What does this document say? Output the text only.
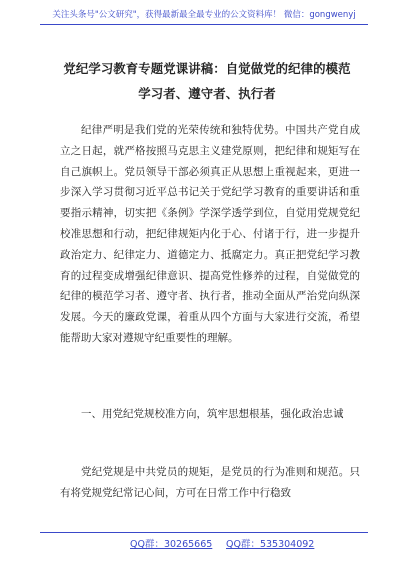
关注头条号"公文研究"，获得最新最全最专业的公文资料库！ 微信：gongwenyj
党纪学习教育专题党课讲稿：自觉做党的纪律的模范学习者、遵守者、执行者

纪律严明是我们党的光荣传统和独特优势。中国共产党自成立之日起，就严格按照马克思主义建党原则，把纪律和规矩写在自己旗帜上。党员领导干部必须真正从思想上重视起来，更进一步深入学习贯彻习近平总书记关于党纪学习教育的重要讲话和重要指示精神，切实把《条例》学深学透学到位，自觉用党规党纪校准思想和行动，把纪律规矩内化于心、付诸于行，进一步提升政治定力、纪律定力、道德定力、抵腐定力。真正把党纪学习教育的过程变成增强纪律意识、提高党性修养的过程，自觉做党的纪律的模范学习者、遵守者、执行者，推动全面从严治党向纵深发展。今天的廉政党课，着重从四个方面与大家进行交流，希望能帮助大家对遵规守纪重要性的理解。

一、用党纪党规校准方向，筑牢思想根基，强化政治忠诚

党纪党规是中共党员的规矩，是党员的行为准则和规范。只有将党规党纪常记心间，方可在日常工作中行稳致

QQ群：30265665 QQ群：535304092
